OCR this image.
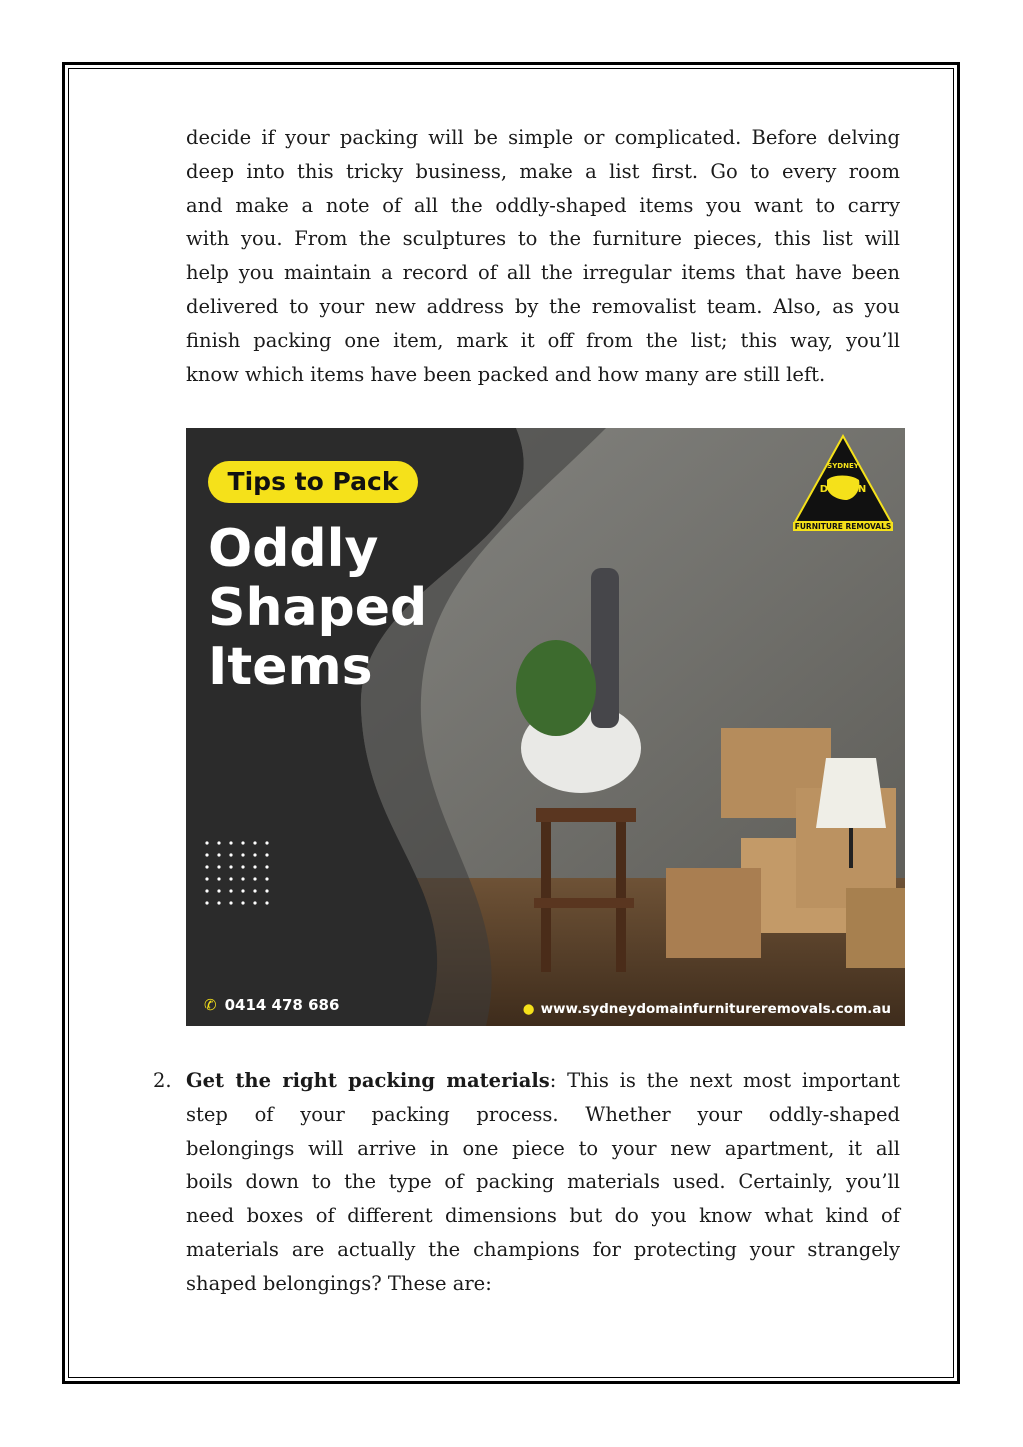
decide if your packing will be simple or complicated. Before delving
deep into this tricky business, make a list first. Go to every room
and make a note of all the oddly-shaped items you want to carry
with you. From the sculptures to the furniture pieces, this list will
help you maintain a record of all the irregular items that have been
delivered to your new address by the removalist team. Also, as you
finish packing one item, mark it off from the list; this way, you’ll
know which items have been packed and how many are still left.
Tips to Pack
Oddly
Shaped
Items
SYDNEY
DOMAIN
FURNITURE REMOVALS
✆ 0414 478 686	● www.sydneydomainfurnitureremovals.com.au
2. Get the right packing materials: This is the next most important
step of your packing process. Whether your oddly-shaped
belongings will arrive in one piece to your new apartment, it all
boils down to the type of packing materials used. Certainly, you’ll
need boxes of different dimensions but do you know what kind of
materials are actually the champions for protecting your strangely
shaped belongings? These are:
